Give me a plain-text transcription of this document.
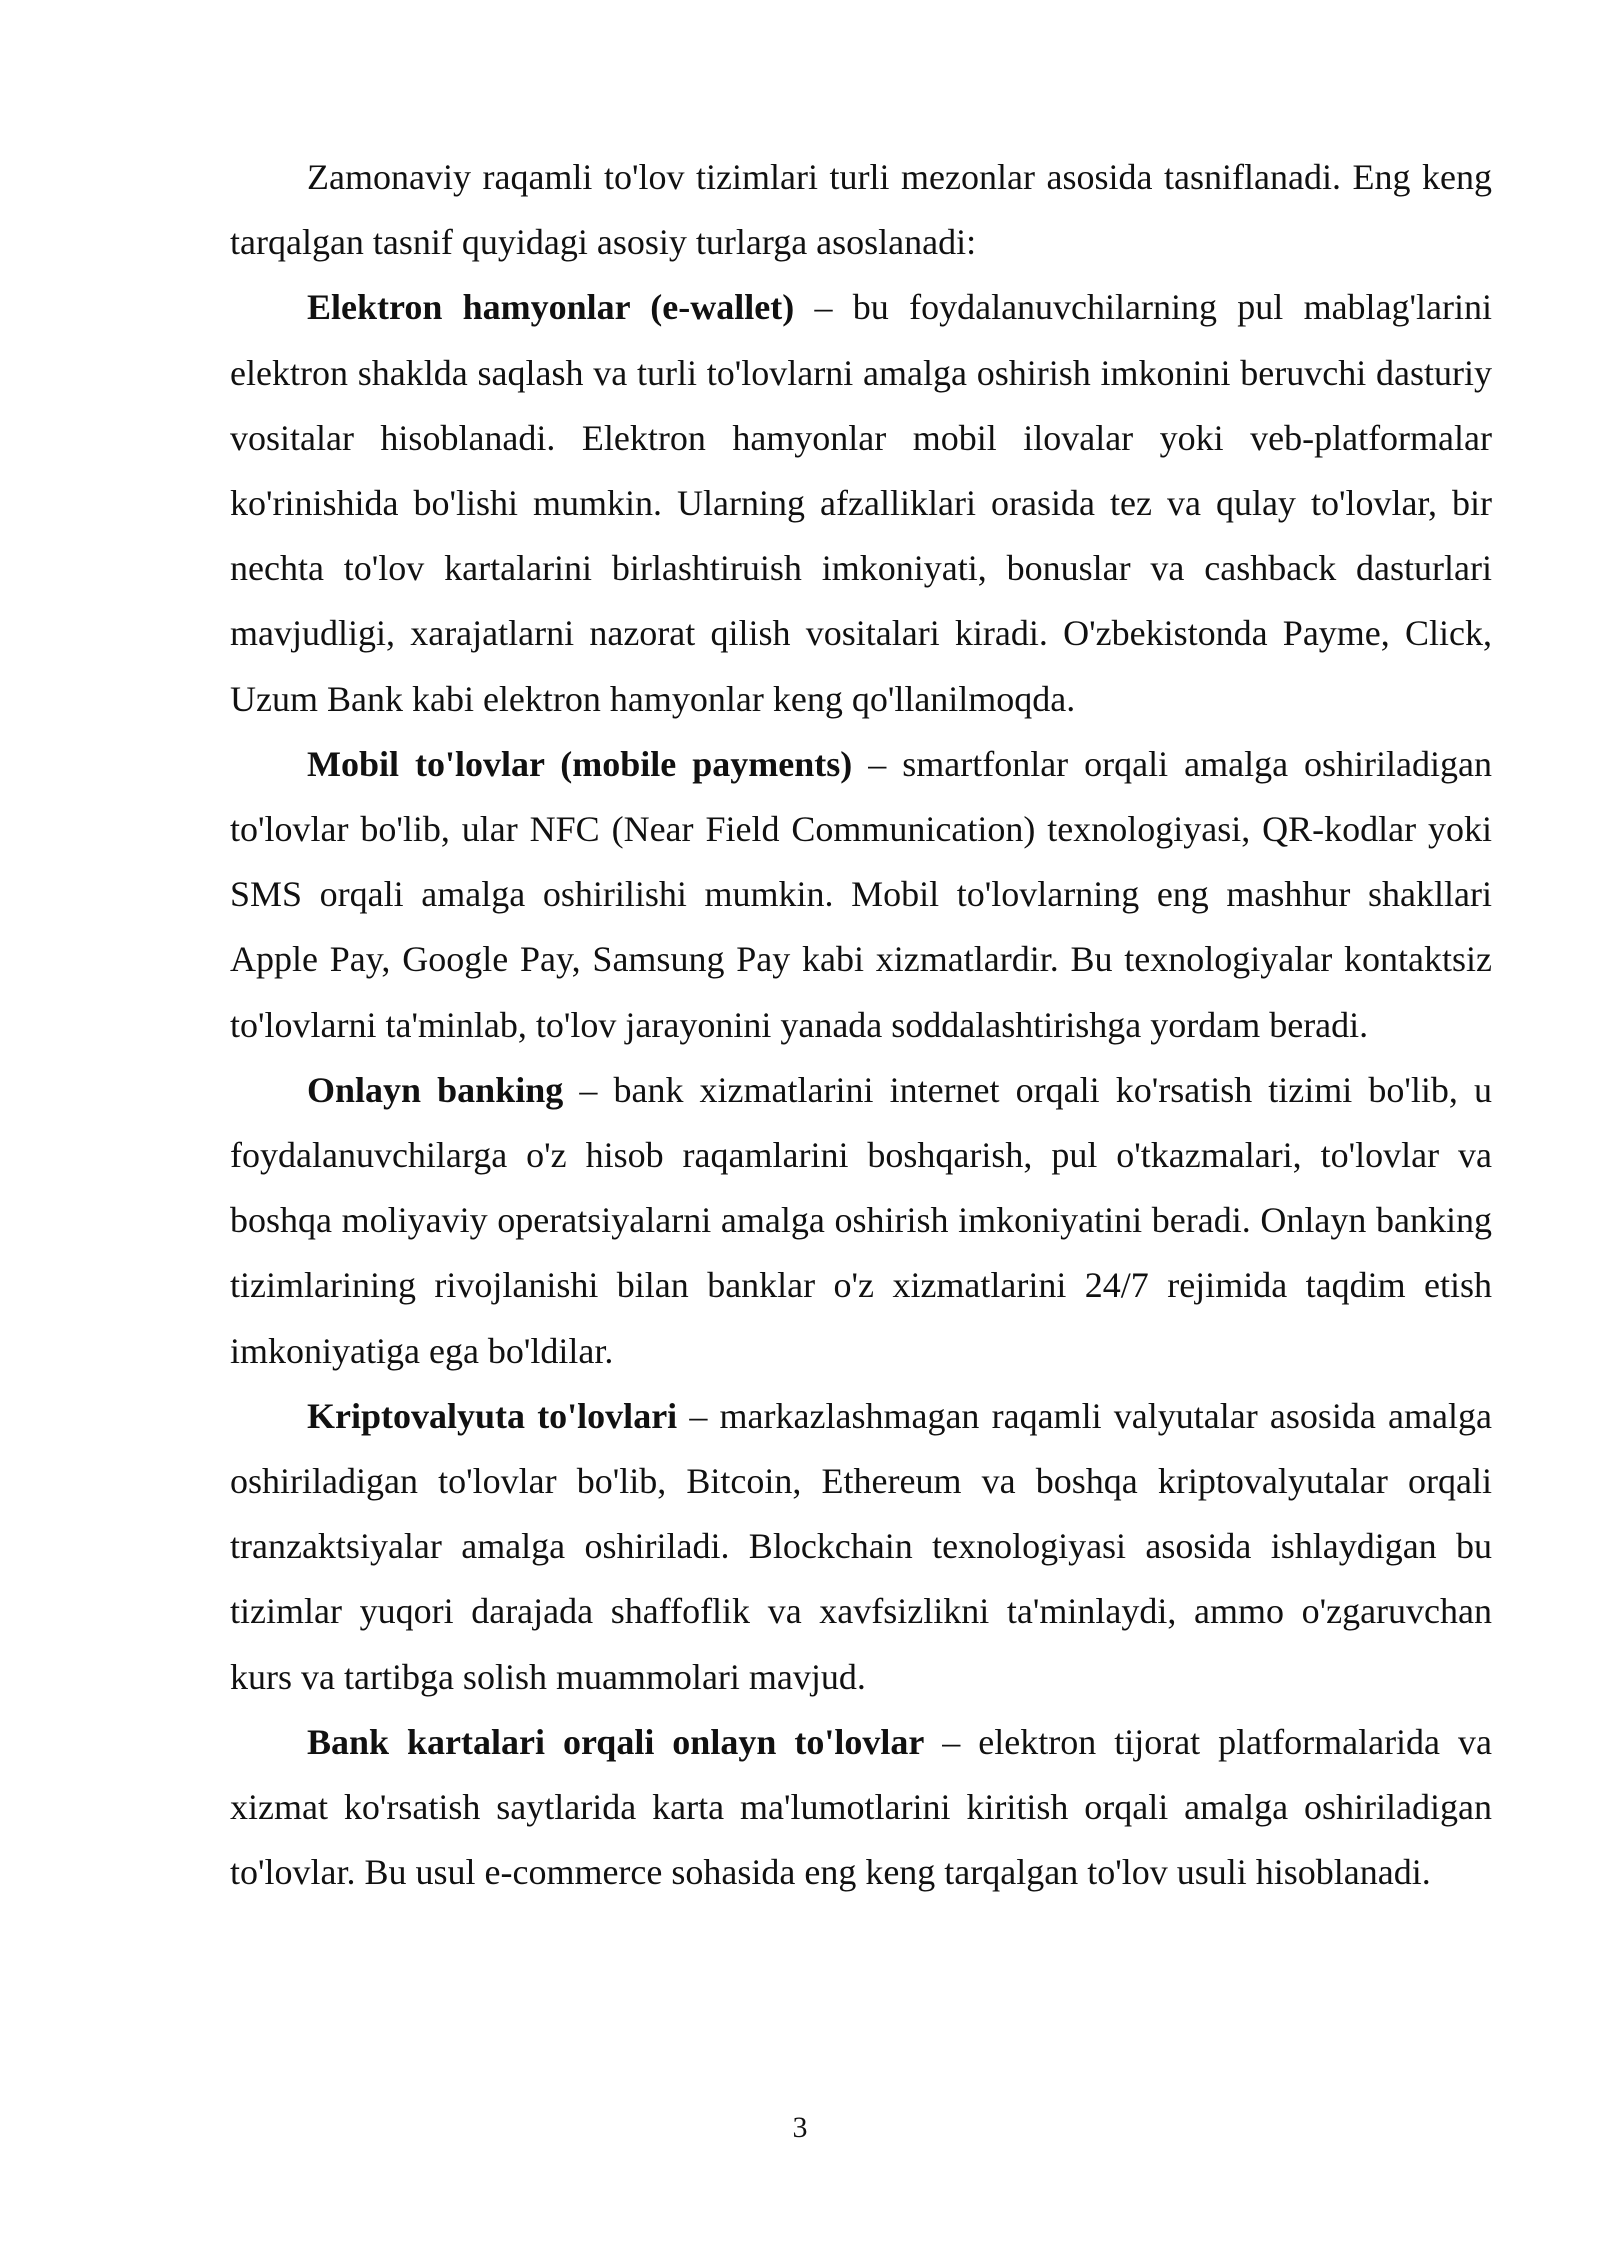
Zamonaviy raqamli to'lov tizimlari turli mezonlar asosida tasniflanadi. Eng keng tarqalgan tasnif quyidagi asosiy turlarga asoslanadi:

Elektron hamyonlar (e-wallet) – bu foydalanuvchilarning pul mablag'larini elektron shaklda saqlash va turli to'lovlarni amalga oshirish imkonini beruvchi dasturiy vositalar hisoblanadi. Elektron hamyonlar mobil ilovalar yoki veb-platformalar ko'rinishida bo'lishi mumkin. Ularning afzalliklari orasida tez va qulay to'lovlar, bir nechta to'lov kartalarini birlashtiruish imkoniyati, bonuslar va cashback dasturlari mavjudligi, xarajatlarni nazorat qilish vositalari kiradi. O'zbekistonda Payme, Click, Uzum Bank kabi elektron hamyonlar keng qo'llanilmoqda.

Mobil to'lovlar (mobile payments) – smartfonlar orqali amalga oshiriladigan to'lovlar bo'lib, ular NFC (Near Field Communication) texnologiyasi, QR-kodlar yoki SMS orqali amalga oshirilishi mumkin. Mobil to'lovlarning eng mashhur shakllari Apple Pay, Google Pay, Samsung Pay kabi xizmatlardir. Bu texnologiyalar kontaktsiz to'lovlarni ta'minlab, to'lov jarayonini yanada soddalashtirishga yordam beradi.

Onlayn banking – bank xizmatlarini internet orqali ko'rsatish tizimi bo'lib, u foydalanuvchilarga o'z hisob raqamlarini boshqarish, pul o'tkazmalari, to'lovlar va boshqa moliyaviy operatsiyalarni amalga oshirish imkoniyatini beradi. Onlayn banking tizimlarining rivojlanishi bilan banklar o'z xizmatlarini 24/7 rejimida taqdim etish imkoniyatiga ega bo'ldilar.

Kriptovalyuta to'lovlari – markazlashmagan raqamli valyutalar asosida amalga oshiriladigan to'lovlar bo'lib, Bitcoin, Ethereum va boshqa kriptovalyutalar orqali tranzaktsiyalar amalga oshiriladi. Blockchain texnologiyasi asosida ishlaydigan bu tizimlar yuqori darajada shaffoflik va xavfsizlikni ta'minlaydi, ammo o'zgaruvchan kurs va tartibga solish muammolari mavjud.

Bank kartalari orqali onlayn to'lovlar – elektron tijorat platformalarida va xizmat ko'rsatish saytlarida karta ma'lumotlarini kiritish orqali amalga oshiriladigan to'lovlar. Bu usul e-commerce sohasida eng keng tarqalgan to'lov usuli hisoblanadi.

3
